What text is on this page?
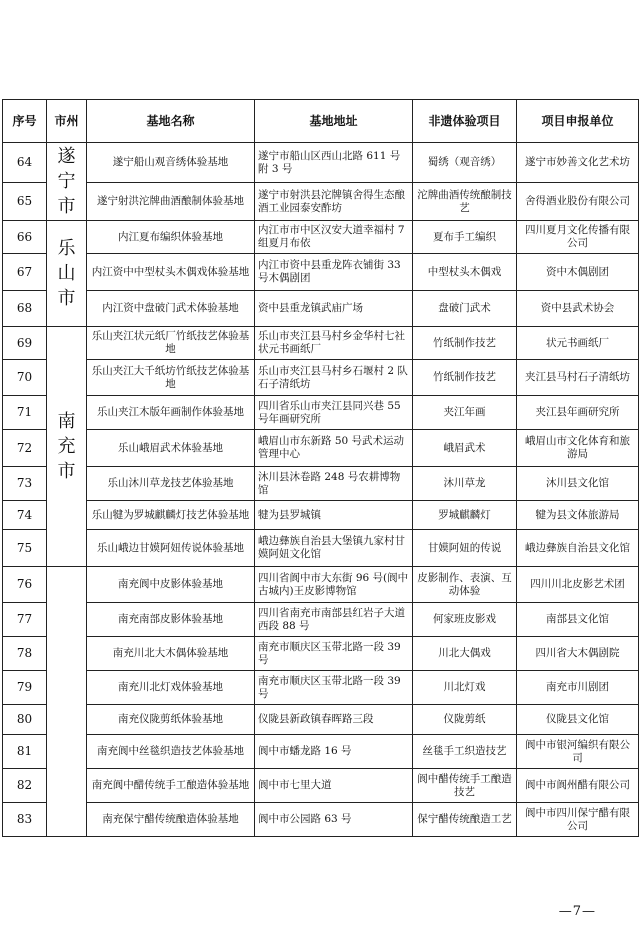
序号	市州	基地名称	基地地址	非遗体验项目	项目申报单位
64	遂宁市	遂宁船山观音绣体验基地	遂宁市船山区西山北路 611 号附 3 号	蜀绣（观音绣）	遂宁市妙善文化艺术坊
65		遂宁射洪沱牌曲酒酿制体验基地	遂宁市射洪县沱牌镇舍得生态酿酒工业园泰安酢坊	沱牌曲酒传统酿制技艺	舍得酒业股份有限公司
66	乐山市	内江夏布编织体验基地	内江市市中区汉安大道幸福村 7 组夏月布依	夏布手工编织	四川夏月文化传播有限公司
67		内江资中中型杖头木偶戏体验基地	内江市资中县重龙阵衣铺街 33 号木偶剧团	中型杖头木偶戏	资中木偶剧团
68		内江资中盘破门武术体验基地	资中县重龙镇武庙广场	盘破门武术	资中县武术协会
69	南充市	乐山夹江状元纸厂竹纸技艺体验基地	乐山市夹江县马村乡金华村七社状元书画纸厂	竹纸制作技艺	状元书画纸厂
70		乐山夹江大千纸坊竹纸技艺体验基地	乐山市夹江县马村乡石堰村 2 队石子清纸坊	竹纸制作技艺	夹江县马村石子清纸坊
71		乐山夹江木版年画制作体验基地	四川省乐山市夹江县同兴巷 55 号年画研究所	夹江年画	夹江县年画研究所
72		乐山峨眉武术体验基地	峨眉山市东新路 50 号武术运动管理中心	峨眉武术	峨眉山市文化体育和旅游局
73		乐山沐川草龙技艺体验基地	沐川县沐卷路 248 号农耕博物馆	沐川草龙	沐川县文化馆
74		乐山犍为罗城麒麟灯技艺体验基地	犍为县罗城镇	罗城麒麟灯	犍为县文体旅游局
75		乐山峨边甘嫫阿妞传说体验基地	峨边彝族自治县大堡镇九家村甘嫫阿妞文化馆	甘嫫阿妞的传说	峨边彝族自治县文化馆
76		南充阆中皮影体验基地	四川省阆中市大东街 96 号(阆中古城内)王皮影博物馆	皮影制作、表演、互动体验	四川川北皮影艺术团
77		南充南部皮影体验基地	四川省南充市南部县红岩子大道西段 88 号	何家班皮影戏	南部县文化馆
78		南充川北大木偶体验基地	南充市顺庆区玉带北路一段 39 号	川北大偶戏	四川省大木偶剧院
79		南充川北灯戏体验基地	南充市顺庆区玉带北路一段 39 号	川北灯戏	南充市川剧团
80		南充仪陇剪纸体验基地	仪陇县新政镇春晖路三段	仪陇剪纸	仪陇县文化馆
81		南充阆中丝毯织造技艺体验基地	阆中市蟠龙路 16 号	丝毯手工织造技艺	阆中市银河编织有限公司
82		南充阆中醋传统手工酿造体验基地	阆中市七里大道	阆中醋传统手工酿造技艺	阆中市阆州醋有限公司
83		南充保宁醋传统酿造体验基地	阆中市公园路 63 号	保宁醋传统酿造工艺	阆中市四川保宁醋有限公司
—7—
